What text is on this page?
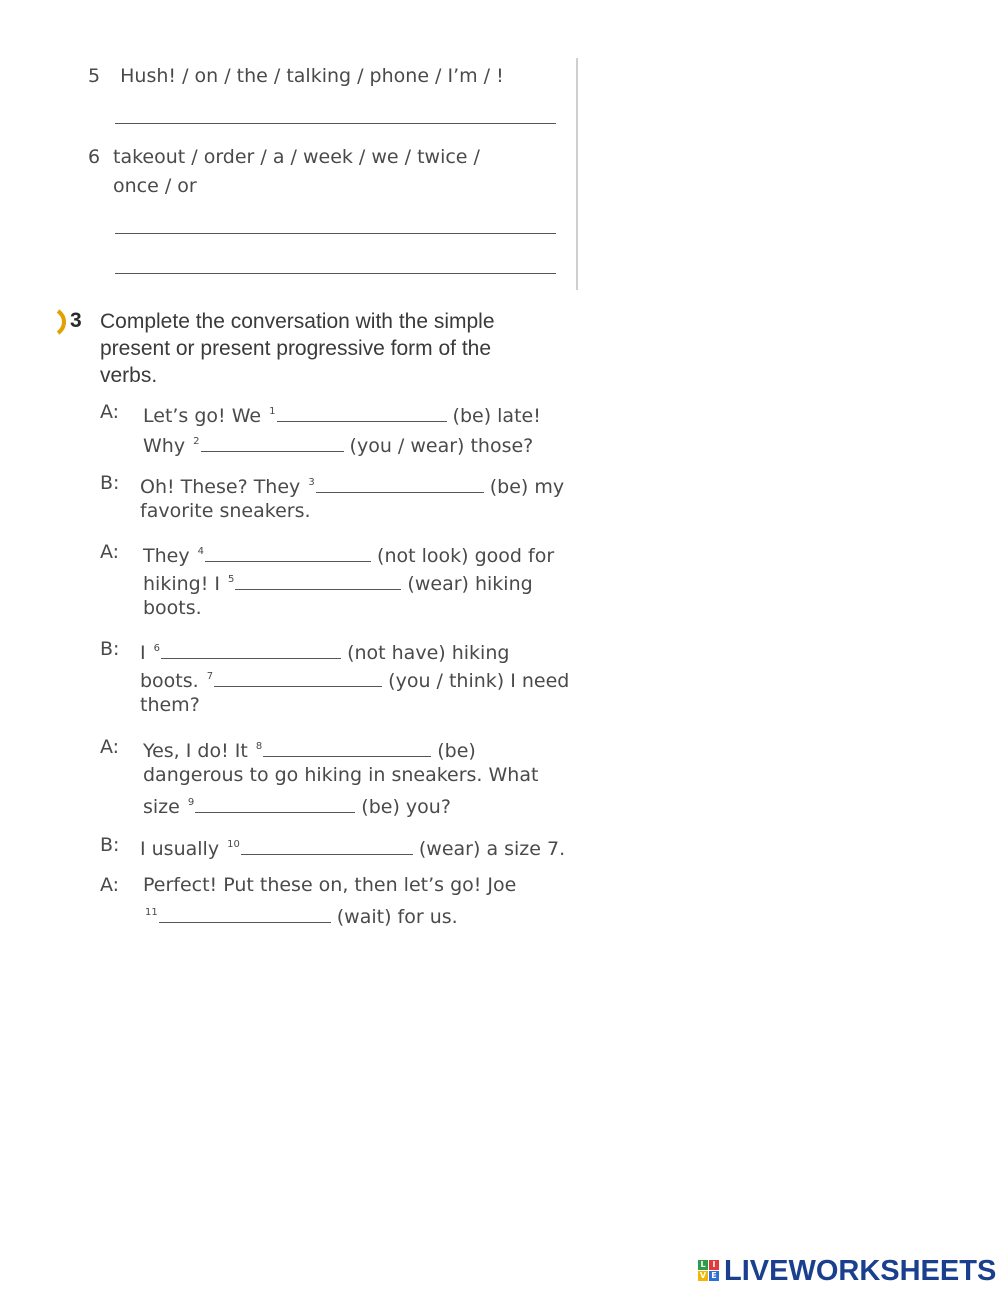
5 Hush! / on / the / talking / phone / I’m / !
6 takeout / order / a / week / we / twice /
once / or
3 Complete the conversation with the simple
present or present progressive form of the
verbs.
A: Let’s go! We $^1$	(be) late!
Why $^2$	(you / wear) those?
B: Oh! These? They $^3$	(be) my
favorite sneakers.
A: They $^4$	(not look) good for
hiking! I $^5$	(wear) hiking
boots.
B: I $^6$	(not have) hiking
boots. $^7$	(you / think) I need
them?
A: Yes, I do! It $^8$	(be)
dangerous to go hiking in sneakers. What
size $^9$	(be) you?
B: I usually $^{10}$	(wear) a size 7.
A: Perfect! Put these on, then let’s go! Joe
$^{11}$	(wait) for us.
L I
V E LIVEWORKSHEETS
